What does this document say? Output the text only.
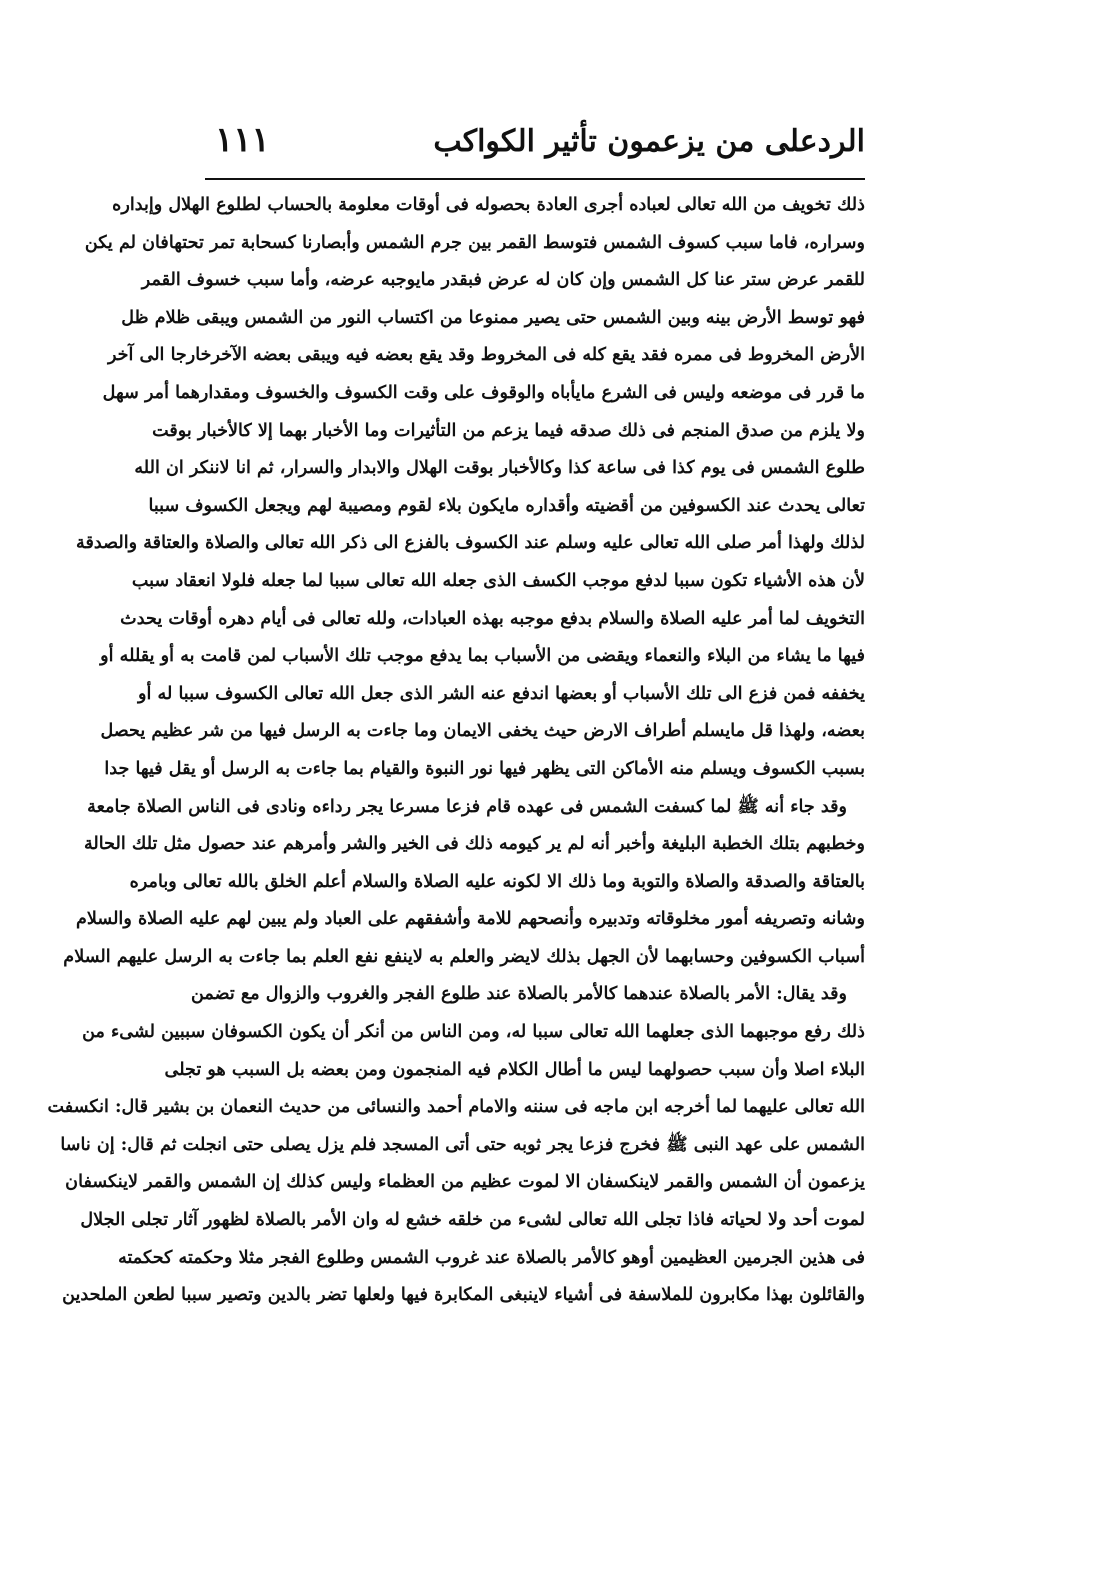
الردعلى من يزعمون تأثير الكواكب
١١١
ذلك تخويف من الله تعالى لعباده أجرى العادة بحصوله فى أوقات معلومة بالحساب لطلوع الهلال وإبداره
وسراره، فاما سبب كسوف الشمس فتوسط القمر بين جرم الشمس وأبصارنا كسحابة تمر تحتهافان لم يكن
للقمر عرض ستر عنا كل الشمس وإن كان له عرض فبقدر مايوجبه عرضه، وأما سبب خسوف القمر
فهو توسط الأرض بينه وبين الشمس حتى يصير ممنوعا من اكتساب النور من الشمس ويبقى ظلام ظل
الأرض المخروط فى ممره فقد يقع كله فى المخروط وقد يقع بعضه فيه ويبقى بعضه الآخرخارجا الى آخر
ما قرر فى موضعه وليس فى الشرع مايأباه والوقوف على وقت الكسوف والخسوف ومقدارهما أمر سهل
ولا يلزم من صدق المنجم فى ذلك صدقه فيما يزعم من التأثيرات وما الأخبار بهما إلا كالأخبار بوقت
طلوع الشمس فى يوم كذا فى ساعة كذا وكالأخبار بوقت الهلال والابدار والسرار، ثم انا لاننكر ان الله
تعالى يحدث عند الكسوفين من أقضيته وأقداره مايكون بلاء لقوم ومصيبة لهم ويجعل الكسوف سببا
لذلك ولهذا أمر صلى الله تعالى عليه وسلم عند الكسوف بالفزع الى ذكر الله تعالى والصلاة والعتاقة والصدقة
لأن هذه الأشياء تكون سببا لدفع موجب الكسف الذى جعله الله تعالى سببا لما جعله فلولا انعقاد سبب
التخويف لما أمر عليه الصلاة والسلام بدفع موجبه بهذه العبادات، ولله تعالى فى أيام دهره أوقات يحدث
فيها ما يشاء من البلاء والنعماء ويقضى من الأسباب بما يدفع موجب تلك الأسباب لمن قامت به أو يقلله أو
يخففه فمن فزع الى تلك الأسباب أو بعضها اندفع عنه الشر الذى جعل الله تعالى الكسوف سببا له أو
بعضه، ولهذا قل مايسلم أطراف الارض حيث يخفى الايمان وما جاءت به الرسل فيها من شر عظيم يحصل
بسبب الكسوف ويسلم منه الأماكن التى يظهر فيها نور النبوة والقيام بما جاءت به الرسل أو يقل فيها جدا
وقد جاء أنه ﷺ لما كسفت الشمس فى عهده قام فزعا مسرعا يجر رداءه ونادى فى الناس الصلاة جامعة
وخطبهم بتلك الخطبة البليغة وأخبر أنه لم ير كيومه ذلك فى الخير والشر وأمرهم عند حصول مثل تلك الحالة
بالعتاقة والصدقة والصلاة والتوبة وما ذلك الا لكونه عليه الصلاة والسلام أعلم الخلق بالله تعالى وبامره
وشانه وتصريفه أمور مخلوقاته وتدبيره وأنصحهم للامة وأشفقهم على العباد ولم يبين لهم عليه الصلاة والسلام
أسباب الكسوفين وحسابهما لأن الجهل بذلك لايضر والعلم به لاينفع نفع العلم بما جاءت به الرسل عليهم السلام
وقد يقال: الأمر بالصلاة عندهما كالأمر بالصلاة عند طلوع الفجر والغروب والزوال مع تضمن
ذلك رفع موجبهما الذى جعلهما الله تعالى سببا له، ومن الناس من أنكر أن يكون الكسوفان سببين لشىء من
البلاء اصلا وأن سبب حصولهما ليس ما أطال الكلام فيه المنجمون ومن بعضه بل السبب هو تجلى
الله تعالى عليهما لما أخرجه ابن ماجه فى سننه والامام أحمد والنسائى من حديث النعمان بن بشير قال: انكسفت
الشمس على عهد النبى ﷺ فخرج فزعا يجر ثوبه حتى أتى المسجد فلم يزل يصلى حتى انجلت ثم قال: إن ناسا
يزعمون أن الشمس والقمر لاينكسفان الا لموت عظيم من العظماء وليس كذلك إن الشمس والقمر لاينكسفان
لموت أحد ولا لحياته فاذا تجلى الله تعالى لشىء من خلقه خشع له وان الأمر بالصلاة لظهور آثار تجلى الجلال
فى هذين الجرمين العظيمين أوهو كالأمر بالصلاة عند غروب الشمس وطلوع الفجر مثلا وحكمته كحكمته
والقائلون بهذا مكابرون للملاسفة فى أشياء لاينبغى المكابرة فيها ولعلها تضر بالدين وتصير سببا لطعن الملحدين
